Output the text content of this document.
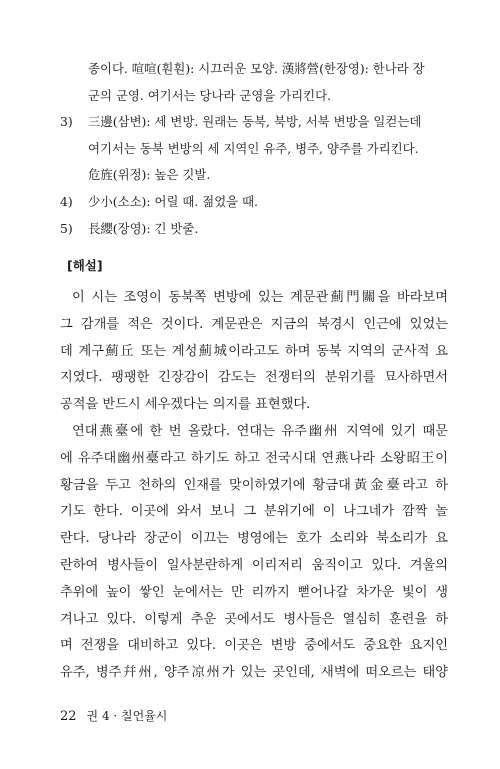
종이다. 喧喧(훤훤): 시끄러운 모양. 漢將營(한장영): 한나라 장
군의 군영. 여기서는 당나라 군영을 가리킨다.
3) 三邊(삼변): 세 변방. 원래는 동북, 북방, 서북 변방을 일컫는데
여기서는 동북 변방의 세 지역인 유주, 병주, 양주를 가리킨다.
危旌(위정): 높은 깃발.
4) 少小(소소): 어릴 때. 젊었을 때.
5) 長纓(장영): 긴 밧줄.
[해설]
이 시는 조영이 동북쪽 변방에 있는 계문관薊門關을 바라보며
그 감개를 적은 것이다. 계문관은 지금의 북경시 인근에 있었는
데 계구薊丘 또는 계성薊城이라고도 하며 동북 지역의 군사적 요
지였다. 팽팽한 긴장감이 감도는 전쟁터의 분위기를 묘사하면서
공적을 반드시 세우겠다는 의지를 표현했다.
연대燕臺에 한 번 올랐다. 연대는 유주幽州 지역에 있기 때문
에 유주대幽州臺라고 하기도 하고 전국시대 연燕나라 소왕昭王이
황금을 두고 천하의 인재를 맞이하였기에 황금대黃金臺라고 하
기도 한다. 이곳에 와서 보니 그 분위기에 이 나그네가 깜짝 놀
란다. 당나라 장군이 이끄는 병영에는 호가 소리와 북소리가 요
란하여 병사들이 일사분란하게 이리저리 움직이고 있다. 겨울의
추위에 높이 쌓인 눈에서는 만 리까지 뻗어나갈 차가운 빛이 생
겨나고 있다. 이렇게 추운 곳에서도 병사들은 열심히 훈련을 하
며 전쟁을 대비하고 있다. 이곳은 변방 중에서도 중요한 요지인
유주, 병주幷州, 양주凉州가 있는 곳인데, 새벽에 떠오르는 태양
22 권 4 · 칠언율시
